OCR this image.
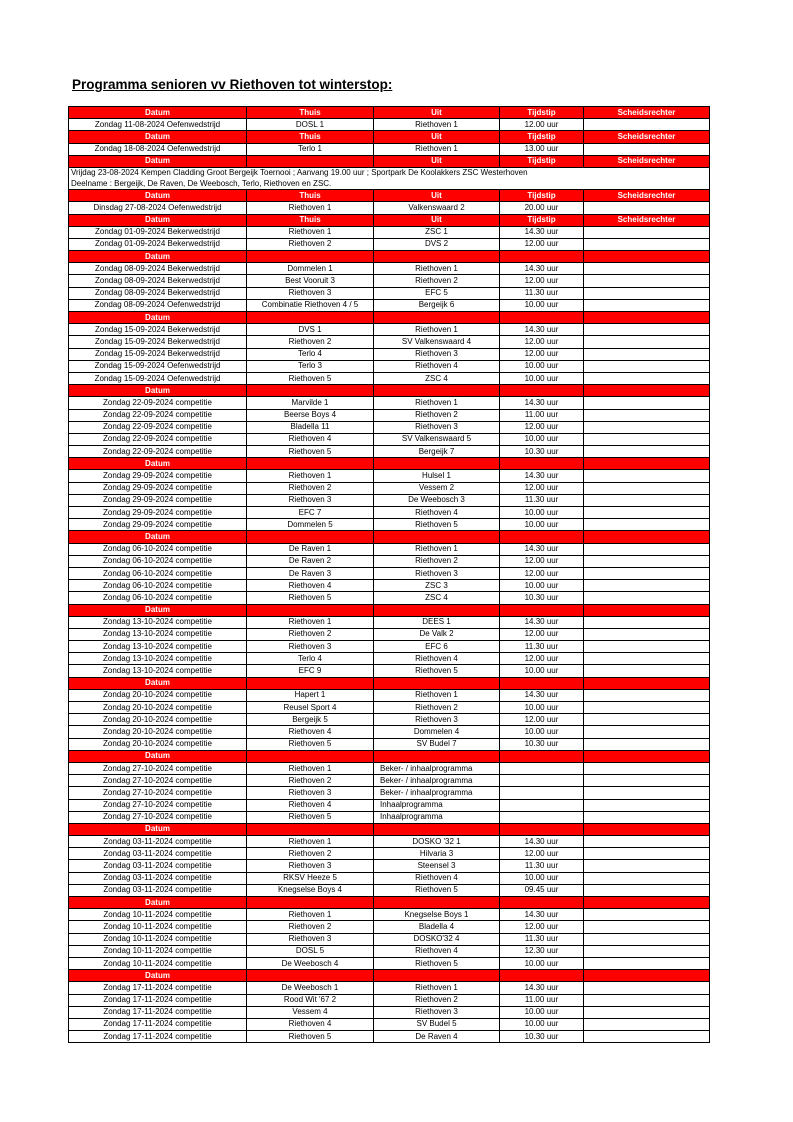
Programma senioren vv Riethoven tot winterstop:
Datum	Thuis	Uit	Tijdstip	Scheidsrechter
Zondag 11-08-2024 Oefenwedstrijd	DOSL 1	Riethoven 1	12.00 uur	
Datum	Thuis	Uit	Tijdstip	Scheidsrechter
Zondag 18-08-2024 Oefenwedstrijd	Terlo 1	Riethoven 1	13.00 uur	
Datum		Uit	Tijdstip	Scheidsrechter
Vrijdag 23-08-2024 Kempen Cladding Groot Bergeijk Toernooi ; Aanvang 19.00 uur ; Sportpark De Koolakkers ZSC Westerhoven				
Deelname : Bergeijk, De Raven, De Weebosch, Terlo, Riethoven en ZSC.				
Datum	Thuis	Uit	Tijdstip	Scheidsrechter
Dinsdag 27-08-2024 Oefenwedstrijd	Riethoven 1	Valkenswaard 2	20.00 uur	
Datum	Thuis	Uit	Tijdstip	Scheidsrechter
Zondag 01-09-2024 Bekerwedstrijd	Riethoven 1	ZSC 1	14.30 uur	
Zondag 01-09-2024 Bekerwedstrijd	Riethoven 2	DVS 2	12.00 uur	
Datum				
Zondag 08-09-2024 Bekerwedstrijd	Dommelen 1	Riethoven 1	14.30 uur	
Zondag 08-09-2024 Bekerwedstrijd	Best Vooruit 3	Riethoven 2	12.00 uur	
Zondag 08-09-2024 Bekerwedstrijd	Riethoven 3	EFC 5	11.30 uur	
Zondag 08-09-2024 Oefenwedstrijd	Combinatie Riethoven 4 / 5	Bergeijk 6	10.00 uur	
Datum				
Zondag 15-09-2024 Bekerwedstrijd	DVS 1	Riethoven 1	14.30 uur	
Zondag 15-09-2024 Bekerwedstrijd	Riethoven 2	SV Valkenswaard 4	12.00 uur	
Zondag 15-09-2024 Bekerwedstrijd	Terlo 4	Riethoven 3	12.00 uur	
Zondag 15-09-2024 Oefenwedstrijd	Terlo 3	Riethoven 4	10.00 uur	
Zondag 15-09-2024 Oefenwedstrijd	Riethoven 5	ZSC 4	10.00 uur	
Datum				
Zondag 22-09-2024 competitie	Marvilde 1	Riethoven 1	14.30 uur	
Zondag 22-09-2024 competitie	Beerse Boys 4	Riethoven 2	11.00 uur	
Zondag 22-09-2024 competitie	Bladella 11	Riethoven 3	12.00 uur	
Zondag 22-09-2024 competitie	Riethoven 4	SV Valkenswaard 5	10.00 uur	
Zondag 22-09-2024 competitie	Riethoven 5	Bergeijk 7	10.30 uur	
Datum				
Zondag 29-09-2024 competitie	Riethoven 1	Hulsel 1	14.30 uur	
Zondag 29-09-2024 competitie	Riethoven 2	Vessem 2	12.00 uur	
Zondag 29-09-2024 competitie	Riethoven 3	De Weebosch 3	11.30 uur	
Zondag 29-09-2024 competitie	EFC 7	Riethoven 4	10.00 uur	
Zondag 29-09-2024 competitie	Dommelen 5	Riethoven 5	10.00 uur	
Datum				
Zondag 06-10-2024 competitie	De Raven 1	Riethoven 1	14.30 uur	
Zondag 06-10-2024 competitie	De Raven 2	Riethoven 2	12.00 uur	
Zondag 06-10-2024 competitie	De Raven 3	Riethoven 3	12.00 uur	
Zondag 06-10-2024 competitie	Riethoven 4	ZSC 3	10.00 uur	
Zondag 06-10-2024 competitie	Riethoven 5	ZSC 4	10.30 uur	
Datum				
Zondag 13-10-2024 competitie	Riethoven 1	DEES 1	14.30 uur	
Zondag 13-10-2024 competitie	Riethoven 2	De Valk 2	12.00 uur	
Zondag 13-10-2024 competitie	Riethoven 3	EFC 6	11.30 uur	
Zondag 13-10-2024 competitie	Terlo 4	Riethoven 4	12.00 uur	
Zondag 13-10-2024 competitie	EFC 9	Riethoven 5	10.00 uur	
Datum				
Zondag 20-10-2024 competitie	Hapert 1	Riethoven 1	14.30 uur	
Zondag 20-10-2024 competitie	Reusel Sport 4	Riethoven 2	10.00 uur	
Zondag 20-10-2024 competitie	Bergeijk 5	Riethoven 3	12.00 uur	
Zondag 20-10-2024 competitie	Riethoven 4	Dommelen 4	10.00 uur	
Zondag 20-10-2024 competitie	Riethoven 5	SV Budel 7	10.30 uur	
Datum				
Zondag 27-10-2024 competitie	Riethoven 1	Beker- / inhaalprogramma		
Zondag 27-10-2024 competitie	Riethoven 2	Beker- / inhaalprogramma		
Zondag 27-10-2024 competitie	Riethoven 3	Beker- / inhaalprogramma		
Zondag 27-10-2024 competitie	Riethoven 4	Inhaalprogramma		
Zondag 27-10-2024 competitie	Riethoven 5	Inhaalprogramma		
Datum				
Zondag 03-11-2024 competitie	Riethoven 1	DOSKO '32 1	14.30 uur	
Zondag 03-11-2024 competitie	Riethoven 2	Hilvaria 3	12.00 uur	
Zondag 03-11-2024 competitie	Riethoven 3	Steensel 3	11.30 uur	
Zondag 03-11-2024 competitie	RKSV Heeze 5	Riethoven 4	10.00 uur	
Zondag 03-11-2024 competitie	Knegselse Boys 4	Riethoven 5	09.45 uur	
Datum				
Zondag 10-11-2024 competitie	Riethoven 1	Knegselse Boys 1	14.30 uur	
Zondag 10-11-2024 competitie	Riethoven 2	Bladella 4	12.00 uur	
Zondag 10-11-2024 competitie	Riethoven 3	DOSKO'32 4	11.30 uur	
Zondag 10-11-2024 competitie	DOSL 5	Riethoven 4	12.30 uur	
Zondag 10-11-2024 competitie	De Weebosch 4	Riethoven 5	10.00 uur	
Datum				
Zondag 17-11-2024 competitie	De Weebosch 1	Riethoven 1	14.30 uur	
Zondag 17-11-2024 competitie	Rood Wit '67 2	Riethoven 2	11.00 uur	
Zondag 17-11-2024 competitie	Vessem 4	Riethoven 3	10.00 uur	
Zondag 17-11-2024 competitie	Riethoven 4	SV Budel 5	10.00 uur	
Zondag 17-11-2024 competitie	Riethoven 5	De Raven 4	10.30 uur	
